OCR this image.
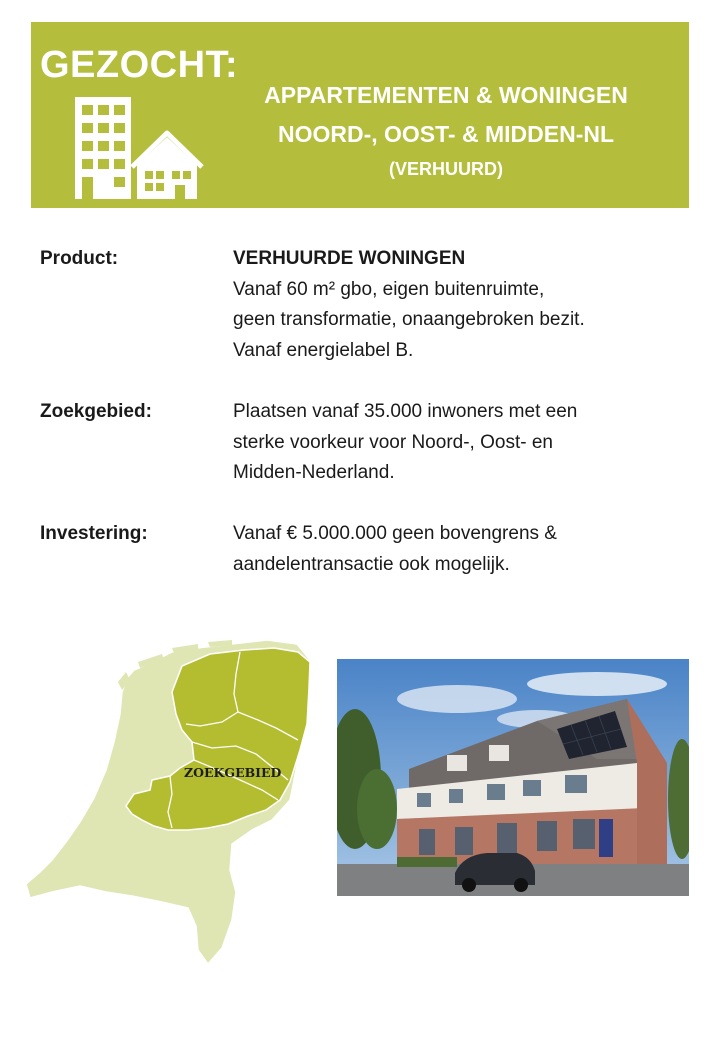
GEZOCHT:
APPARTEMENTEN & WONINGEN
NOORD-, OOST- & MIDDEN-NL
(VERHUURD)
Product:	VERHUURDE WONINGEN
Vanaf 60 m² gbo, eigen buitenruimte,
geen transformatie, onaangebroken bezit.
Vanaf energielabel B.
Zoekgebied:	Plaatsen vanaf 35.000 inwoners met een
sterke voorkeur voor Noord-, Oost- en
Midden-Nederland.
Investering:	Vanaf € 5.000.000 geen bovengrens &
aandelentransactie ook mogelijk.
ZOEKGEBIED
